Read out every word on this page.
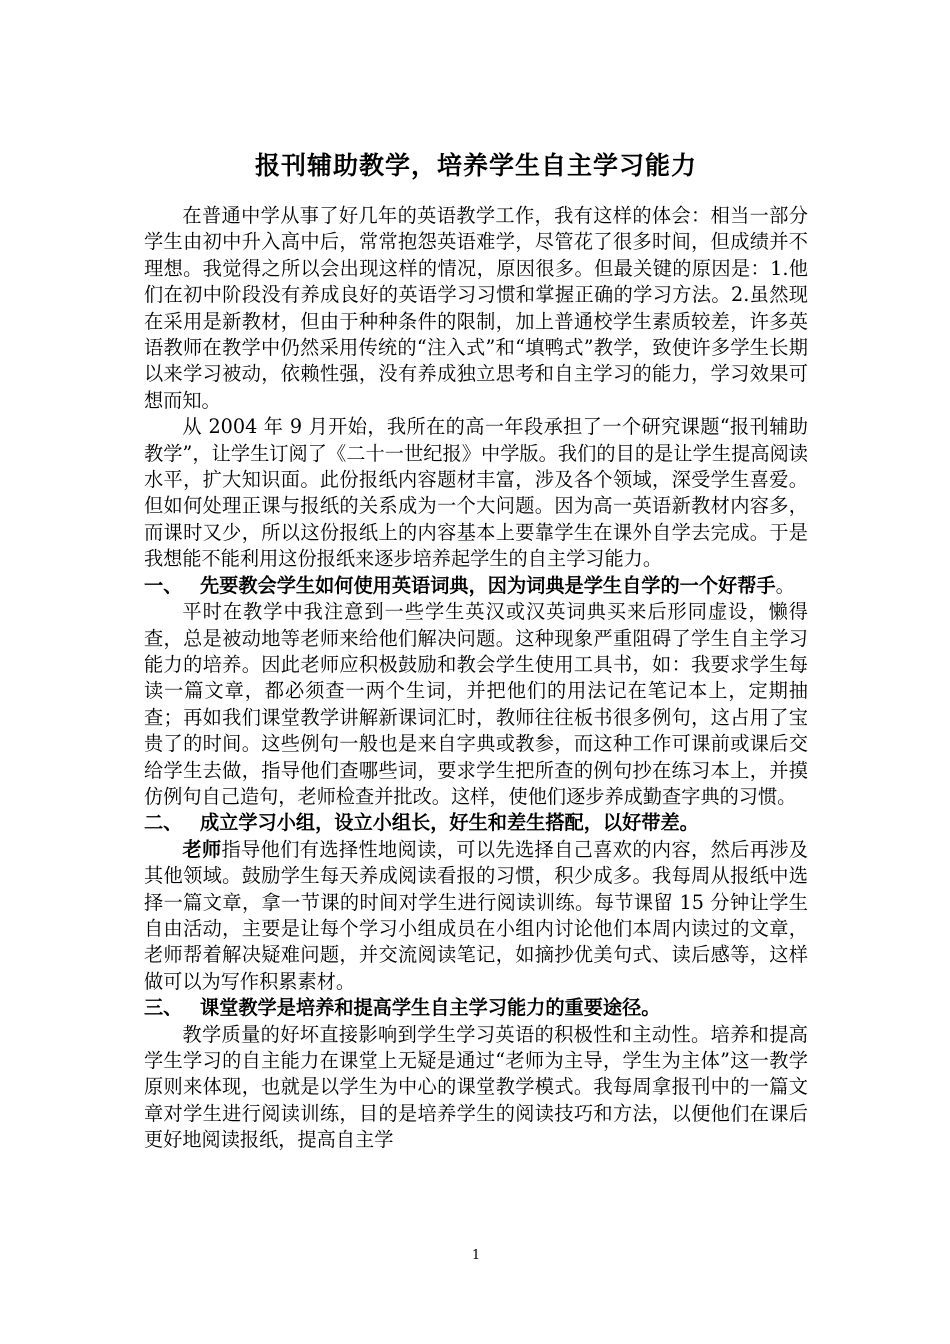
报刊辅助教学，培养学生自主学习能力

在普通中学从事了好几年的英语教学工作，我有这样的体会：相当一部分学生由初中升入高中后，常常抱怨英语难学，尽管花了很多时间，但成绩并不理想。我觉得之所以会出现这样的情况，原因很多。但最关键的原因是：1.他们在初中阶段没有养成良好的英语学习习惯和掌握正确的学习方法。2.虽然现在采用是新教材，但由于种种条件的限制，加上普通校学生素质较差，许多英语教师在教学中仍然采用传统的“注入式”和“填鸭式”教学，致使许多学生长期以来学习被动，依赖性强，没有养成独立思考和自主学习的能力，学习效果可想而知。

从 2004 年 9 月开始，我所在的高一年段承担了一个研究课题“报刊辅助教学”，让学生订阅了《二十一世纪报》中学版。我们的目的是让学生提高阅读水平，扩大知识面。此份报纸内容题材丰富，涉及各个领域，深受学生喜爱。但如何处理正课与报纸的关系成为一个大问题。因为高一英语新教材内容多，而课时又少，所以这份报纸上的内容基本上要靠学生在课外自学去完成。于是我想能不能利用这份报纸来逐步培养起学生的自主学习能力。

一、 先要教会学生如何使用英语词典，因为词典是学生自学的一个好帮手。

平时在教学中我注意到一些学生英汉或汉英词典买来后形同虚设，懒得查，总是被动地等老师来给他们解决问题。这种现象严重阻碍了学生自主学习能力的培养。因此老师应积极鼓励和教会学生使用工具书，如：我要求学生每读一篇文章，都必须查一两个生词，并把他们的用法记在笔记本上，定期抽查；再如我们课堂教学讲解新课词汇时，教师往往板书很多例句，这占用了宝贵了的时间。这些例句一般也是来自字典或教参，而这种工作可课前或课后交给学生去做，指导他们查哪些词，要求学生把所查的例句抄在练习本上，并摸仿例句自己造句，老师检查并批改。这样，使他们逐步养成勤查字典的习惯。

二、 成立学习小组，设立小组长，好生和差生搭配，以好带差。

老师指导他们有选择性地阅读，可以先选择自己喜欢的内容，然后再涉及其他领域。鼓励学生每天养成阅读看报的习惯，积少成多。我每周从报纸中选择一篇文章，拿一节课的时间对学生进行阅读训练。每节课留 15 分钟让学生自由活动，主要是让每个学习小组成员在小组内讨论他们本周内读过的文章，老师帮着解决疑难问题，并交流阅读笔记，如摘抄优美句式、读后感等，这样做可以为写作积累素材。

三、 课堂教学是培养和提高学生自主学习能力的重要途径。

教学质量的好坏直接影响到学生学习英语的积极性和主动性。培养和提高学生学习的自主能力在课堂上无疑是通过“老师为主导，学生为主体”这一教学原则来体现，也就是以学生为中心的课堂教学模式。我每周拿报刊中的一篇文章对学生进行阅读训练，目的是培养学生的阅读技巧和方法，以便他们在课后更好地阅读报纸，提高自主学

1
